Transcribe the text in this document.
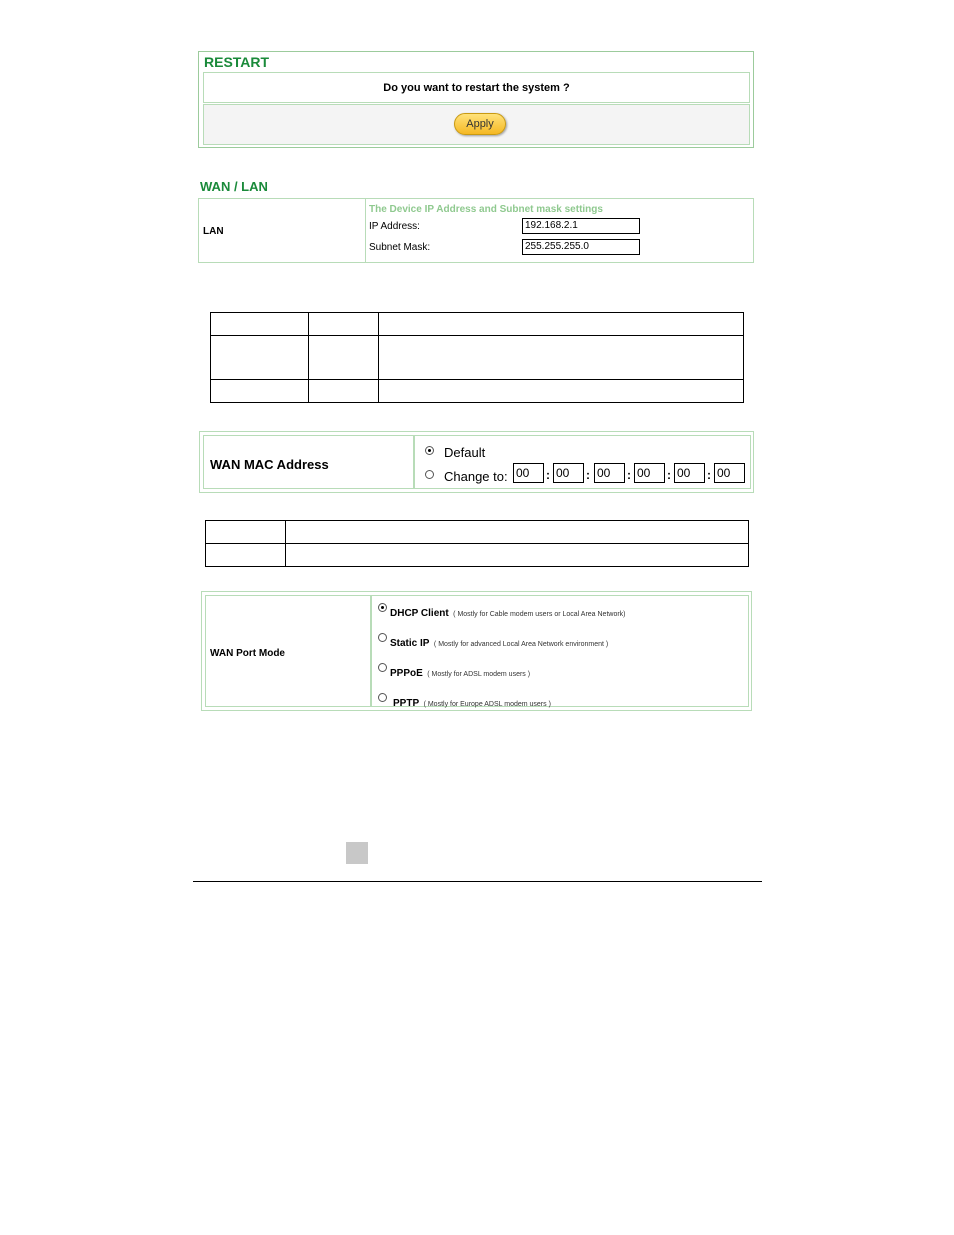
RESTART
Do you want to restart the system ?
Apply
WAN / LAN
LAN
The Device IP Address and Subnet mask settings
IP Address:	192.168.2.1
Subnet Mask:	255.255.255.0
WAN MAC Address
Default
Change to: 00	: 00	: 00	: 00	: 00	: 00
WAN Port Mode
DHCP Client ( Mostly for Cable modem users or Local Area Network)
Static IP ( Mostly for advanced Local Area Network environment )
PPPoE ( Mostly for ADSL modem users )
PPTP ( Mostly for Europe ADSL modem users )
